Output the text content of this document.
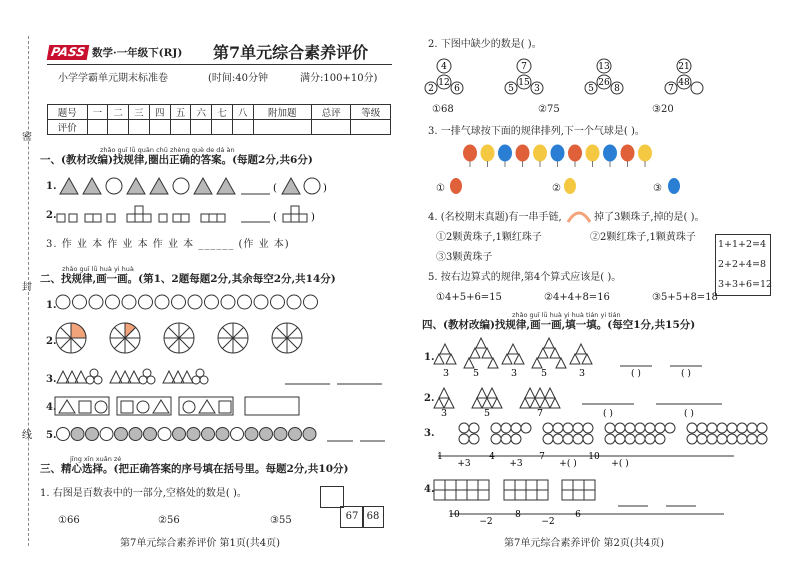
密
封
线
PASS 数学·一年级下(RJ) 第7单元综合素养评价
小学学霸单元期末标准卷	(时间:40分钟	满分:100+10分)
题号	一	二	三	四	五	六	七	八	附加题	总评	等级
评价											
zhǎo guī lǜ quān chū zhèng què de dá àn
一、(教材改编)找规律,圈出正确的答案。(每题2分,共6分)
1.	(	)
2.	(	)
3. 作 业 本 作 业 本 作 业 本 ______ (作 业 本)
zhǎo guī lǜ huà yi huà
二、找规律,画一画。(第1、2题每题2分,其余每空2分,共14分)
1.
2.
3.
4.
5.
jīng xīn xuǎn zé
三、精心选择。(把正确答案的序号填在括号里。每题2分,共10分)
1. 右图是百数表中的一部分,空格处的数是( )。
67 68
①66	②56	③55
第7单元综合素养评价 第1页(共4页)
2. 下图中缺少的数是( )。
4
12
2 6
7
15
5 3
13
26
5 8
21
48
7
①68	②75	③20
3. 一排气球按下面的规律排列,下一个气球是( )。
①	②	③
4. (名校期末真题)有一串手链,	掉了3颗珠子,掉的是( )。
①2颗黄珠子,1颗红珠子	②2颗红珠子,1颗黄珠子
③3颗黄珠子
1+1+2=4
2+2+4=8
3+3+6=12
5. 按右边算式的规律,第4个算式应该是( )。
①4+5+6=15	②4+4+8=16	③5+5+8=18
zhǎo guī lǜ huà yi huà tián yi tián
四、(教材改编)找规律,画一画,填一填。(每空1分,共15分)
1.
3	5	3	5	3	( )	( )
2.
3	5	7	( )	( )
3.
1
+3
4
+3
7
+( )
10
+( )
4.
10
−2
8
−2
6
第7单元综合素养评价 第2页(共4页)
